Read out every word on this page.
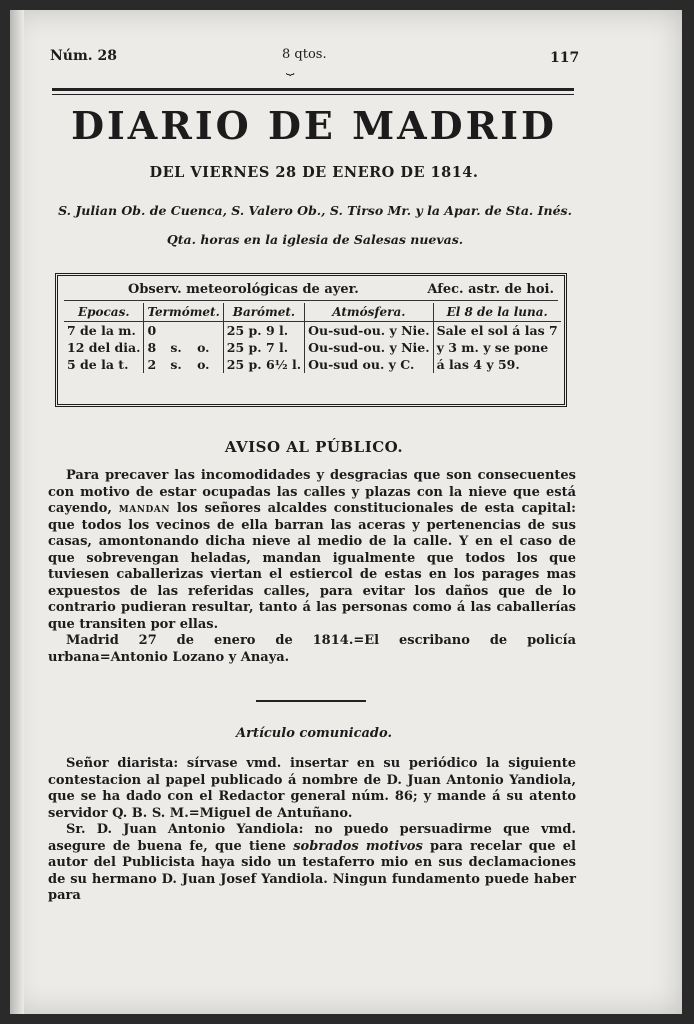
Núm. 28	8 qtos.
⏟
117
DIARIO DE MADRID
DEL VIERNES 28 DE ENERO DE 1814.
S. Julian Ob. de Cuenca, S. Valero Ob., S. Tirso Mr. y la Apar. de Sta. Inés.
Qta. horas en la iglesia de Salesas nuevas.
Observ. meteorológicas de ayer.	Afec. astr. de hoi.
Epocas.	Termómet.			Barómet.	Atmósfera.	El 8 de la luna.
7 de la m.	0			25 p. 9 l.	Ou-sud-ou. y Nie.	Sale el sol á las 7
12 del dia.	8	s.	o.	25 p. 7 l.	Ou-sud-ou. y Nie.	y 3 m. y se pone
5 de la t.	2	s.	o.	25 p. 6½ l.	Ou-sud ou. y C.	á las 4 y 59.
AVISO AL PÚBLICO.

Para precaver las incomodidades y desgracias que son consecuentes con motivo de estar ocupadas las calles y plazas con la nieve que está cayendo, mandan los señores alcaldes constitucionales de esta capital: que todos los vecinos de ella barran las aceras y pertenencias de sus casas, amontonando dicha nieve al medio de la calle. Y en el caso de que sobrevengan heladas, mandan igualmente que todos los que tuviesen caballerizas viertan el estiercol de estas en los parages mas expuestos de las referidas calles, para evitar los daños que de lo contrario pudieran resultar, tanto á las personas como á las caballerías que transiten por ellas.

Madrid 27 de enero de 1814.=El escribano de policía urbana=Antonio Lozano y Anaya.

Artículo comunicado.

Señor diarista: sírvase vmd. insertar en su periódico la siguiente contestacion al papel publicado á nombre de D. Juan Antonio Yandiola, que se ha dado con el Redactor general núm. 86; y mande á su atento servidor Q. B. S. M.=Miguel de Antuñano.

Sr. D. Juan Antonio Yandiola: no puedo persuadirme que vmd. asegure de buena fe, que tiene sobrados motivos para recelar que el autor del Publicista haya sido un testaferro mio en sus declamaciones de su hermano D. Juan Josef Yandiola. Ningun fundamento puede haber para
